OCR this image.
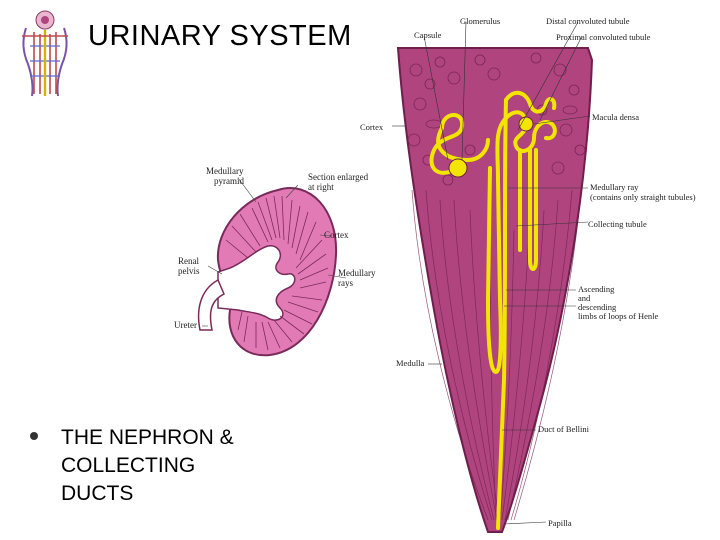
URINARY SYSTEM
Medullary
pyramid	Section enlarged
at right
Cortex
Renal
pelvis	Medullary
rays
Ureter
Capsule
Glomerulus	Distal convoluted tubule
Proximal convoluted tubule
Cortex
Macula densa
Medullary ray
(contains only straight tubules)
Collecting tubule
Ascending
and
descending
limbs of loops of Henle
Medulla
Duct of Bellini
Papilla
THE NEPHRON &
COLLECTING
DUCTS
